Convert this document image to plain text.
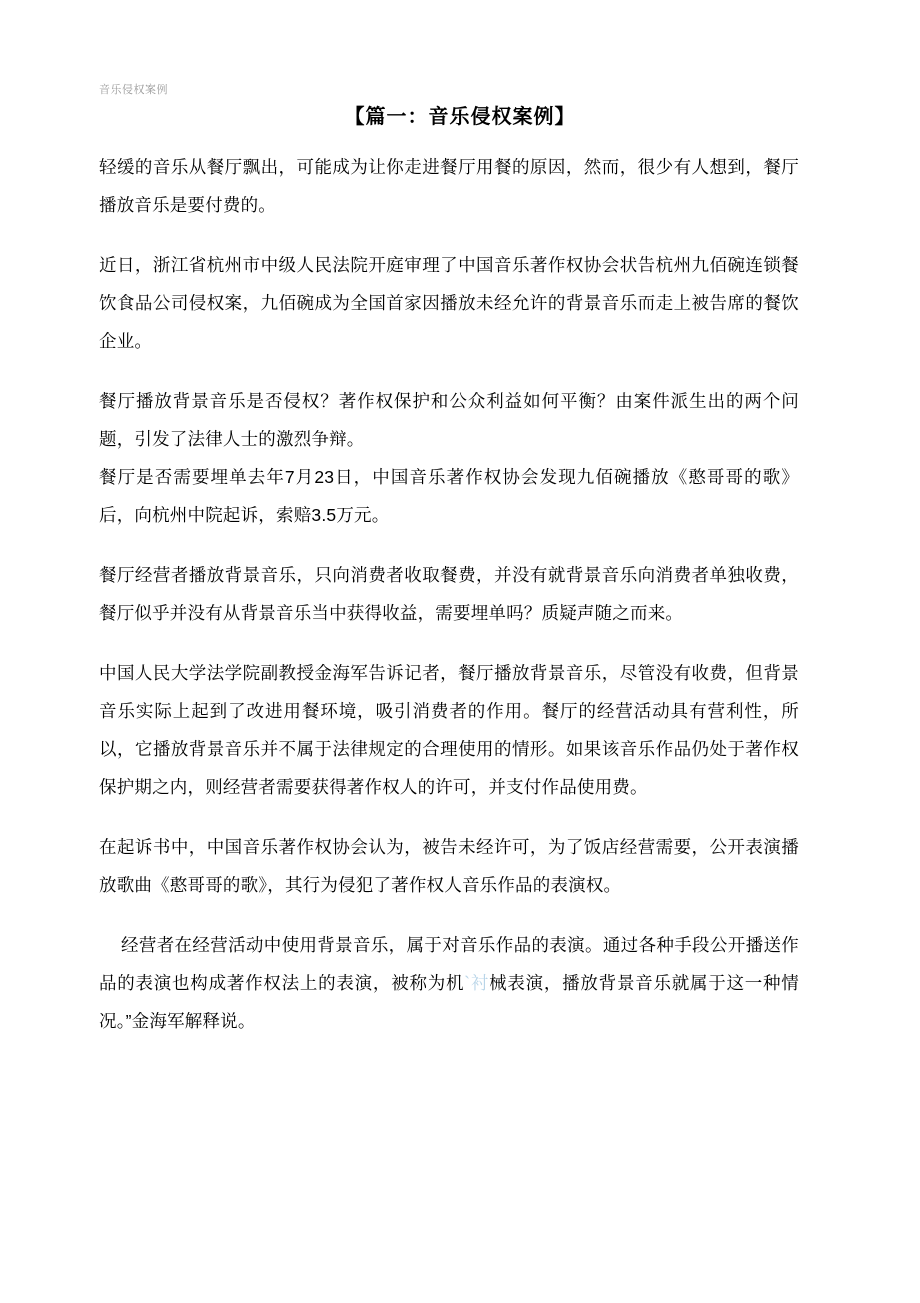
音乐侵权案例
【篇一：音乐侵权案例】

轻缓的音乐从餐厅飘出，可能成为让你走进餐厅用餐的原因，然而，很少有人想到，餐厅播放音乐是要付费的。

近日，浙江省杭州市中级人民法院开庭审理了中国音乐著作权协会状告杭州九佰碗连锁餐饮食品公司侵权案，九佰碗成为全国首家因播放未经允许的背景音乐而走上被告席的餐饮企业。

餐厅播放背景音乐是否侵权？著作权保护和公众利益如何平衡？由案件派生出的两个问题，引发了法律人士的激烈争辩。

餐厅是否需要埋单去年7月23日，中国音乐著作权协会发现九佰碗播放《憨哥哥的歌》后，向杭州中院起诉，索赔3.5万元。

餐厅经营者播放背景音乐，只向消费者收取餐费，并没有就背景音乐向消费者单独收费，餐厅似乎并没有从背景音乐当中获得收益，需要埋单吗？质疑声随之而来。

中国人民大学法学院副教授金海军告诉记者，餐厅播放背景音乐，尽管没有收费，但背景音乐实际上起到了改进用餐环境，吸引消费者的作用。餐厅的经营活动具有营利性，所以，它播放背景音乐并不属于法律规定的合理使用的情形。如果该音乐作品仍处于著作权保护期之内，则经营者需要获得著作权人的许可，并支付作品使用费。

在起诉书中，中国音乐著作权协会认为，被告未经许可，为了饭店经营需要，公开表演播放歌曲《憨哥哥的歌》，其行为侵犯了著作权人音乐作品的表演权。

经营者在经营活动中使用背景音乐，属于对音乐作品的表演。通过各种手段公开播送作品的表演也构成著作权法上的表演，被称为机`衬械表演，播放背景音乐就属于这一种情况。”金海军解释说。
